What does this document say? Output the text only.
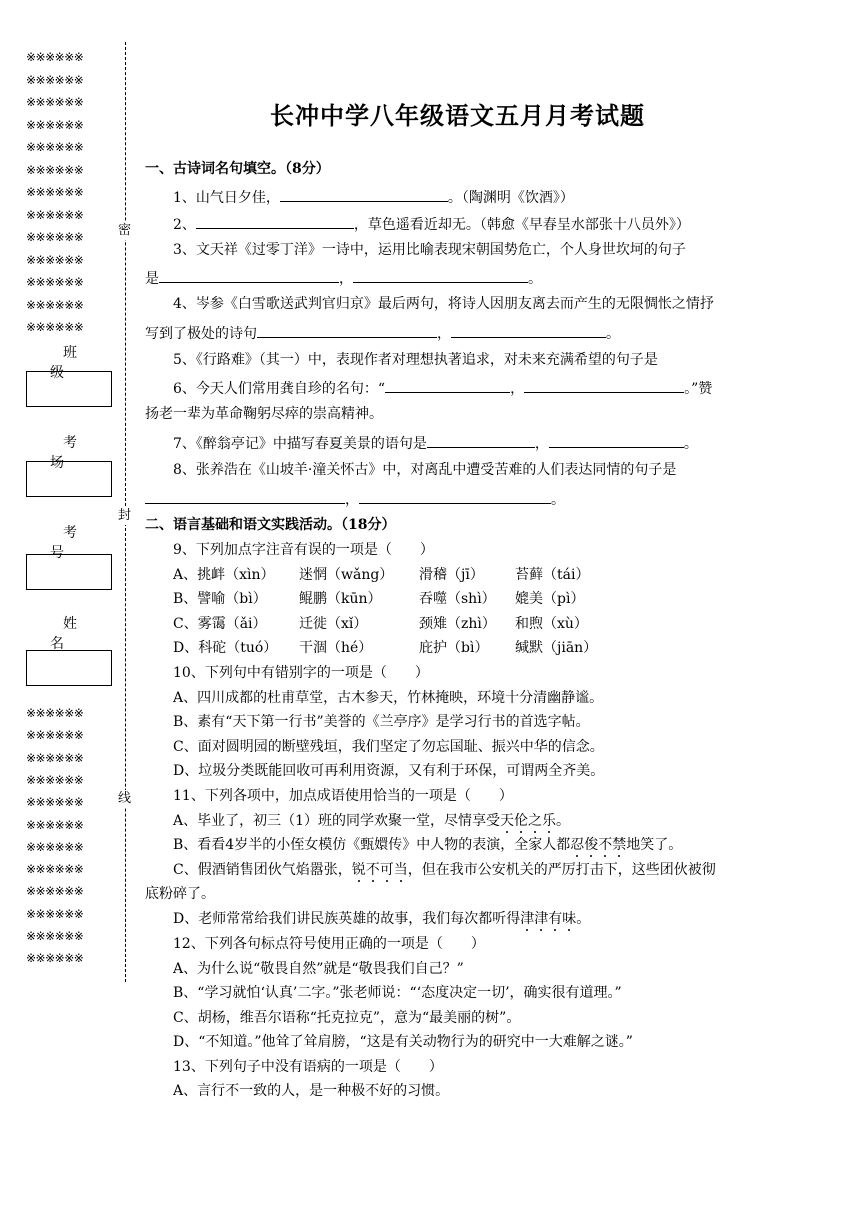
※※※※※※
※※※※※※
※※※※※※
※※※※※※
※※※※※※
※※※※※※
※※※※※※
※※※※※※
※※※※※※
※※※※※※
※※※※※※
※※※※※※
※※※※※※
※※※※※※
※※※※※※
※※※※※※
※※※※※※
※※※※※※
※※※※※※
※※※※※※
※※※※※※
※※※※※※
※※※※※※
※※※※※※
※※※※※※
密
封
线
班级
考场
考号
姓名
长冲中学八年级语文五月月考试题
一、古诗词名句填空。（8分）
1、山气日夕佳，	。（陶渊明《饮酒》）
2、	，草色遥看近却无。（韩愈《早春呈水部张十八员外》）
3、文天祥《过零丁洋》一诗中，运用比喻表现宋朝国势危亡，个人身世坎坷的句子
是	，	。
4、岑参《白雪歌送武判官归京》最后两句，将诗人因朋友离去而产生的无限惆怅之情抒
写到了极处的诗句	，	。
5、《行路难》（其一）中，表现作者对理想执著追求，对未来充满希望的句子是
6、今天人们常用龚自珍的名句：“	，	。”赞
扬老一辈为革命鞠躬尽瘁的崇高精神。
7、《醉翁亭记》中描写春夏美景的语句是	，	。
8、张养浩在《山坡羊·潼关怀古》中，对离乱中遭受苦难的人们表达同情的句子是
，	。
二、语言基础和语文实践活动。（18分）
9、下列加点字注音有误的一项是（　　）
A、挑衅（xìn） 迷惘（wǎng） 滑稽（jī） 苔藓（tái）
B、譬喻（bì） 鲲鹏（kūn）	吞噬（shì） 媲美（pì）
C、雾霭（ǎi） 迁徙（xǐ）	颈雉（zhì） 和煦（xù）
D、科砣（tuó） 干涸（hé）	庇护（bì） 缄默（jiān）
10、下列句中有错别字的一项是（　　）
A、四川成都的杜甫草堂，古木参天，竹林掩映，环境十分清幽静谧。
B、素有“天下第一行书”美誉的《兰亭序》是学习行书的首选字帖。
C、面对圆明园的断壁残垣，我们坚定了勿忘国耻、振兴中华的信念。
D、垃圾分类既能回收可再利用资源，又有利于环保，可谓两全齐美。
11、下列各项中，加点成语使用恰当的一项是（　　）
A、毕业了，初三（1）班的同学欢聚一堂，尽情享受天伦之乐。
B、看看4岁半的小侄女模仿《甄嬛传》中人物的表演，全家人都忍俊不禁地笑了。
C、假酒销售团伙气焰嚣张，锐不可当，但在我市公安机关的严厉打击下，这些团伙被彻
底粉碎了。
D、老师常常给我们讲民族英雄的故事，我们每次都听得津津有味。
12、下列各句标点符号使用正确的一项是（　　）
A、为什么说“敬畏自然”就是“敬畏我们自己？”
B、“学习就怕‘认真’二字。”张老师说：“‘态度决定一切’，确实很有道理。”
C、胡杨，维吾尔语称“托克拉克”，意为“最美丽的树”。
D、“不知道。”他耸了耸肩膀，“这是有关动物行为的研究中一大难解之谜。”
13、下列句子中没有语病的一项是（　　）
A、言行不一致的人，是一种极不好的习惯。
